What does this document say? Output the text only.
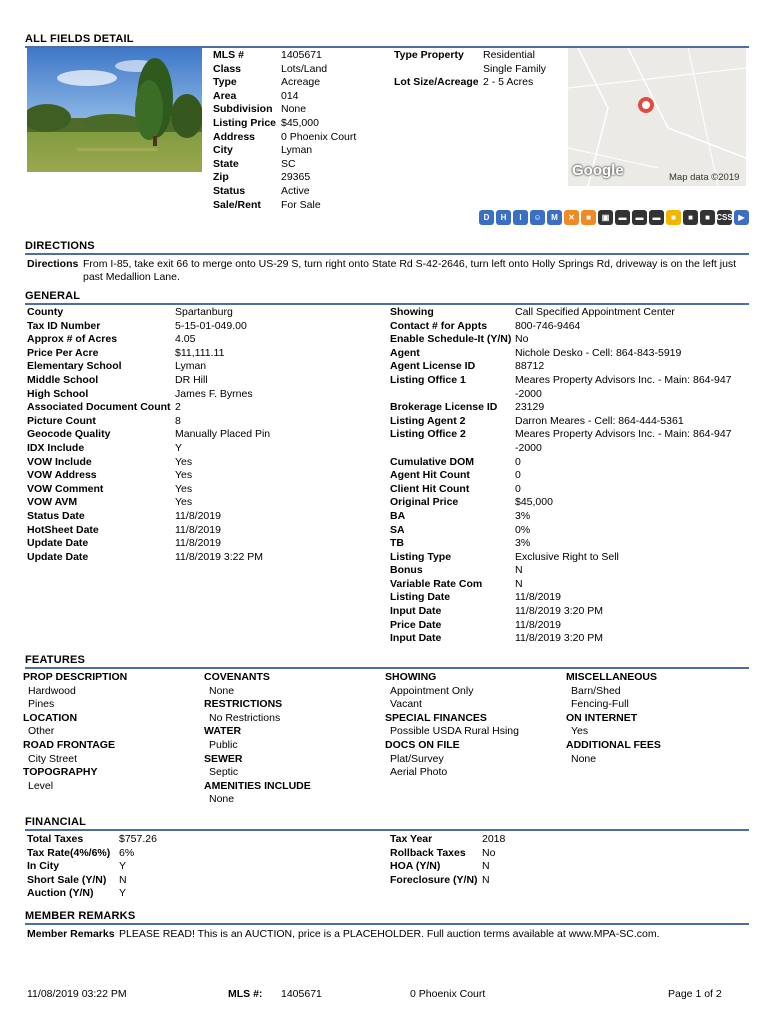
ALL FIELDS DETAIL
MLS #	1405671
Class	Lots/Land
Type	Acreage
Area	014
Subdivision None
Listing Price $45,000
Address 0 Phoenix Court
City	Lyman
State	SC
Zip	29365
Status	Active
Sale/Rent For Sale
Type Property Residential
Single Family
Lot Size/Acreage 2 - 5 Acres
Google	Map data ©2019
D	H	I	☺	M	✕	■	▣	▬	▬	▬	■	■	■ CSS ▶
DIRECTIONS
Directions From I-85, take exit 66 to merge onto US-29 S, turn right onto State Rd S-42-2646, turn left onto Holly Springs Rd, driveway is on the left just
past Medallion Lane.
GENERAL
County	Spartanburg
Tax ID Number	5-15-01-049.00
Approx # of Acres	4.05
Price Per Acre	$11,111.11
Elementary School	Lyman
Middle School	DR Hill
High School	James F. Byrnes
Associated Document Count 2
Picture Count	8
Geocode Quality	Manually Placed Pin
IDX Include	Y
VOW Include	Yes
VOW Address	Yes
VOW Comment	Yes
VOW AVM	Yes
Status Date	11/8/2019
HotSheet Date	11/8/2019
Update Date	11/8/2019
Update Date	11/8/2019 3:22 PM
Showing	Call Specified Appointment Center
Contact # for Appts	800-746-9464
Enable Schedule-It (Y/N) No
Agent	Nichole Desko - Cell: 864-843-5919
Agent License ID	88712
Listing Office 1	Meares Property Advisors Inc. - Main: 864-947
-2000
Brokerage License ID 23129
Listing Agent 2	Darron Meares - Cell: 864-444-5361
Listing Office 2	Meares Property Advisors Inc. - Main: 864-947
-2000
Cumulative DOM	0
Agent Hit Count	0
Client Hit Count	0
Original Price	$45,000
BA	3%
SA	0%
TB	3%
Listing Type	Exclusive Right to Sell
Bonus	N
Variable Rate Com	N
Listing Date	11/8/2019
Input Date	11/8/2019 3:20 PM
Price Date	11/8/2019
Input Date	11/8/2019 3:20 PM
FEATURES
PROP DESCRIPTION
Hardwood
Pines
LOCATION
Other
ROAD FRONTAGE
City Street
TOPOGRAPHY
Level
COVENANTS
None
RESTRICTIONS
No Restrictions
WATER
Public
SEWER
Septic
AMENITIES INCLUDE
None
SHOWING
Appointment Only
Vacant
SPECIAL FINANCES
Possible USDA Rural Hsing
DOCS ON FILE
Plat/Survey
Aerial Photo
MISCELLANEOUS
Barn/Shed
Fencing-Full
ON INTERNET
Yes
ADDITIONAL FEES
None
FINANCIAL
Total Taxes	$757.26
Tax Rate(4%/6%) 6%
In City	Y
Short Sale (Y/N) N
Auction (Y/N) Y
Tax Year	2018
Rollback Taxes No
HOA (Y/N)	N
Foreclosure (Y/N) N
MEMBER REMARKS
Member Remarks PLEASE READ! This is an AUCTION, price is a PLACEHOLDER. Full auction terms available at www.MPA-SC.com.
11/08/2019 03:22 PM	MLS #: 1405671	0 Phoenix Court	Page 1 of 2
